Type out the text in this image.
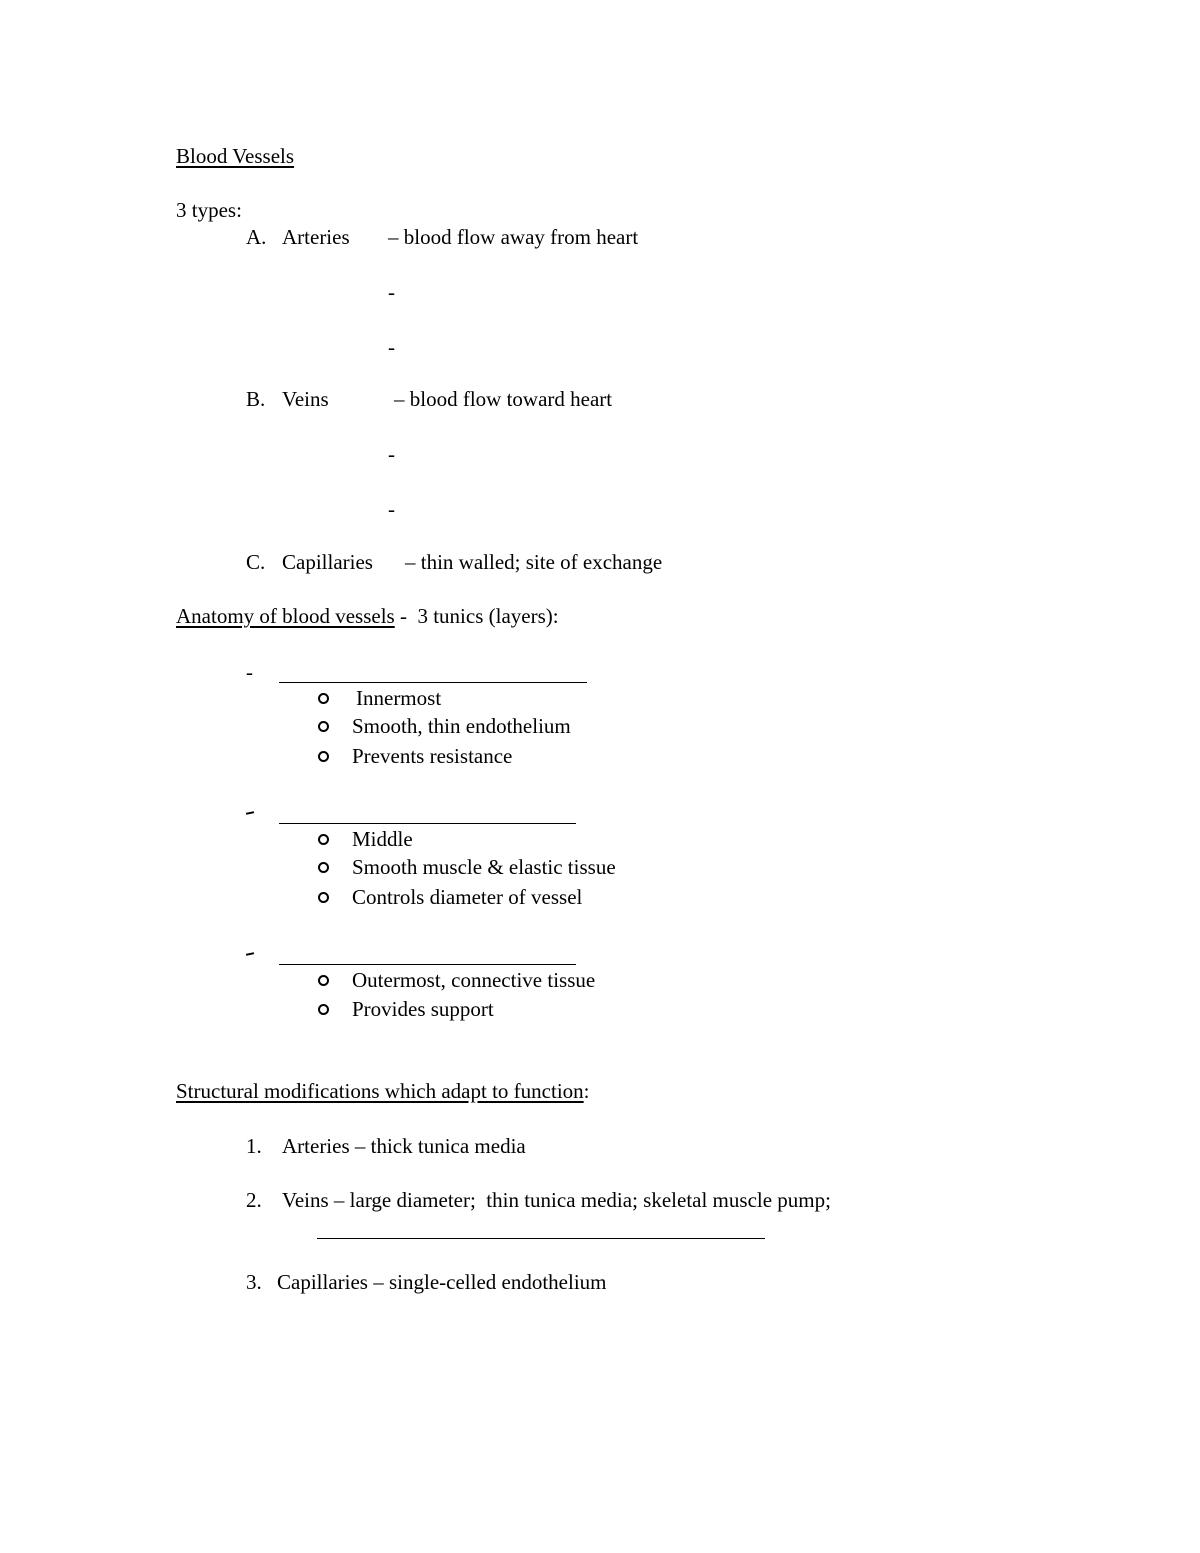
Blood Vessels
3 types:
A. Arteries – blood flow away from heart
-
-
B. Veins	– blood flow toward heart
-
-
C. Capillaries – thin walled; site of exchange
Anatomy of blood vessels -  3 tunics (layers):
-
Innermost
Smooth, thin endothelium
Prevents resistance
Middle
Smooth muscle & elastic tissue
Controls diameter of vessel
Outermost, connective tissue
Provides support
Structural modifications which adapt to function:
1. Arteries – thick tunica media
2. Veins – large diameter;  thin tunica media; skeletal muscle pump;
3. Capillaries – single-celled endothelium
